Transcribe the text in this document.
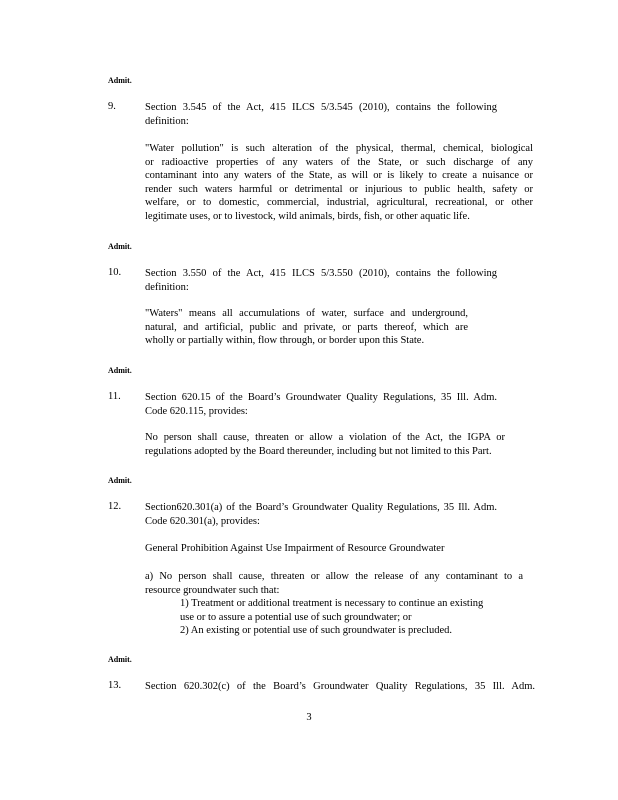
Admit.
9.	Section 3.545 of the Act, 415 ILCS 5/3.545 (2010), contains the following
definition:
"Water pollution" is such alteration of the physical, thermal, chemical, biological
or radioactive properties of any waters of the State, or such discharge of any
contaminant into any waters of the State, as will or is likely to create a nuisance or
render such waters harmful or detrimental or injurious to public health, safety or
welfare, or to domestic, commercial, industrial, agricultural, recreational, or other
legitimate uses, or to livestock, wild animals, birds, fish, or other aquatic life.
Admit.
10. Section 3.550 of the Act, 415 ILCS 5/3.550 (2010), contains the following
definition:
"Waters" means all accumulations of water, surface and underground,
natural, and artificial, public and private, or parts thereof, which are
wholly or partially within, flow through, or border upon this State.
Admit.
11. Section 620.15 of the Board’s Groundwater Quality Regulations, 35 Ill. Adm.
Code 620.115, provides:
No person shall cause, threaten or allow a violation of the Act, the IGPA or
regulations adopted by the Board thereunder, including but not limited to this Part.
Admit.
12. Section620.301(a) of the Board’s Groundwater Quality Regulations, 35 Ill. Adm.
Code 620.301(a), provides:
General Prohibition Against Use Impairment of Resource Groundwater
a) No person shall cause, threaten or allow the release of any contaminant to a
resource groundwater such that:
1) Treatment or additional treatment is necessary to continue an existing
use or to assure a potential use of such groundwater; or
2) An existing or potential use of such groundwater is precluded.
Admit.
13. Section 620.302(c) of the Board’s Groundwater Quality Regulations, 35 Ill. Adm.
3
